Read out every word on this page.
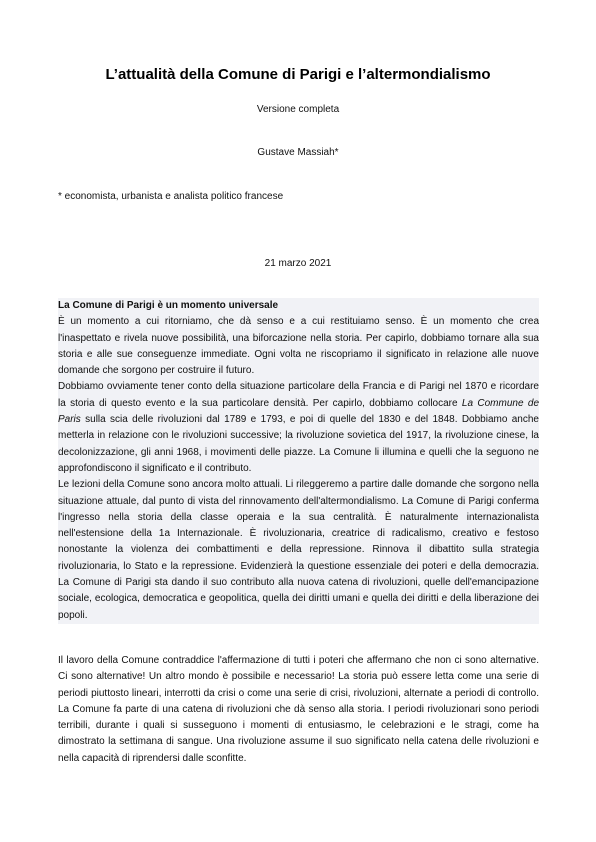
L’attualità della Comune di Parigi e l’altermondialismo
Versione completa
Gustave Massiah*
* economista, urbanista e analista politico francese
21 marzo 2021
La Comune di Parigi è un momento universale

È un momento a cui ritorniamo, che dà senso e a cui restituiamo senso. È un momento che crea l'inaspettato e rivela nuove possibilità, una biforcazione nella storia. Per capirlo, dobbiamo tornare alla sua storia e alle sue conseguenze immediate. Ogni volta ne riscopriamo il significato in relazione alle nuove domande che sorgono per costruire il futuro.

Dobbiamo ovviamente tener conto della situazione particolare della Francia e di Parigi nel 1870 e ricordare la storia di questo evento e la sua particolare densità. Per capirlo, dobbiamo collocare La Commune de Paris sulla scia delle rivoluzioni dal 1789 e 1793, e poi di quelle del 1830 e del 1848. Dobbiamo anche metterla in relazione con le rivoluzioni successive; la rivoluzione sovietica del 1917, la rivoluzione cinese, la decolonizzazione, gli anni 1968, i movimenti delle piazze. La Comune li illumina e quelli che la seguono ne approfondiscono il significato e il contributo.

Le lezioni della Comune sono ancora molto attuali. Li rileggeremo a partire dalle domande che sorgono nella situazione attuale, dal punto di vista del rinnovamento dell'altermondialismo. La Comune di Parigi conferma l'ingresso nella storia della classe operaia e la sua centralità. È naturalmente internazionalista nell'estensione della 1a Internazionale. È rivoluzionaria, creatrice di radicalismo, creativo e festoso nonostante la violenza dei combattimenti e della repressione. Rinnova il dibattito sulla strategia rivoluzionaria, lo Stato e la repressione. Evidenzierà la questione essenziale dei poteri e della democrazia. La Comune di Parigi sta dando il suo contributo alla nuova catena di rivoluzioni, quelle dell'emancipazione sociale, ecologica, democratica e geopolitica, quella dei diritti umani e quella dei diritti e della liberazione dei popoli.

Il lavoro della Comune contraddice l'affermazione di tutti i poteri che affermano che non ci sono alternative. Ci sono alternative! Un altro mondo è possibile e necessario! La storia può essere letta come una serie di periodi piuttosto lineari, interrotti da crisi o come una serie di crisi, rivoluzioni, alternate a periodi di controllo. La Comune fa parte di una catena di rivoluzioni che dà senso alla storia. I periodi rivoluzionari sono periodi terribili, durante i quali si susseguono i momenti di entusiasmo, le celebrazioni e le stragi, come ha dimostrato la settimana di sangue. Una rivoluzione assume il suo significato nella catena delle rivoluzioni e nella capacità di riprendersi dalle sconfitte.
